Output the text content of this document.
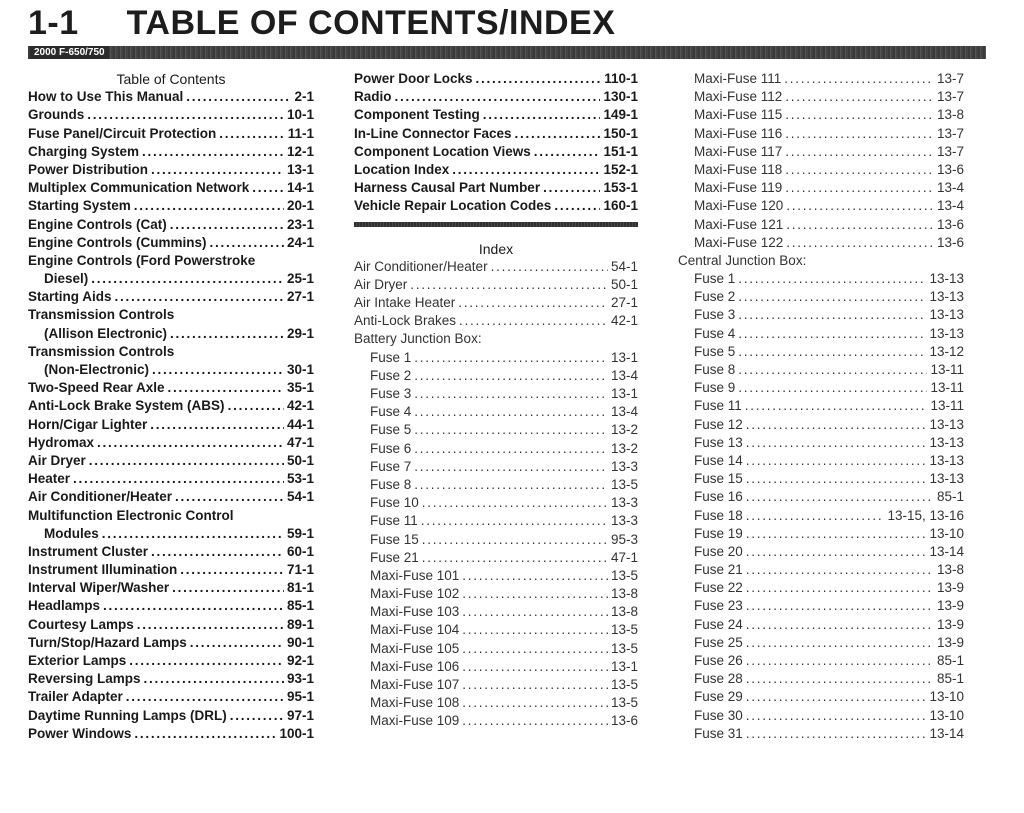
1-1 TABLE OF CONTENTS/INDEX
2000 F-650/750
Table of Contents
How to Use This Manual . . .	2-1
Grounds . . .	10-1
Fuse Panel/Circuit Protection . . .	11-1
Charging System . . .	12-1
Power Distribution . . .	13-1
Multiplex Communication Network . . .	14-1
Starting System . . .	20-1
Engine Controls (Cat) . . .	23-1
Engine Controls (Cummins) . . .	24-1
Engine Controls (Ford Powerstroke
Diesel) . . .	25-1
Starting Aids . . .	27-1
Transmission Controls
(Allison Electronic) . . .	29-1
Transmission Controls
(Non-Electronic) . . .	30-1
Two-Speed Rear Axle . . .	35-1
Anti-Lock Brake System (ABS) . . .	42-1
Horn/Cigar Lighter . . .	44-1
Hydromax . . .	47-1
Air Dryer . . .	50-1
Heater . . .	53-1
Air Conditioner/Heater . . .	54-1
Multifunction Electronic Control
Modules . . .	59-1
Instrument Cluster . . .	60-1
Instrument Illumination . . .	71-1
Interval Wiper/Washer . . .	81-1
Headlamps . . .	85-1
Courtesy Lamps . . .	89-1
Turn/Stop/Hazard Lamps . . .	90-1
Exterior Lamps . . .	92-1
Reversing Lamps . . .	93-1
Trailer Adapter . . .	95-1
Daytime Running Lamps (DRL) . . .	97-1
Power Windows . . .	100-1
Power Door Locks . . .	110-1
Radio . . .	130-1
Component Testing . . .	149-1
In-Line Connector Faces . . .	150-1
Component Location Views . . .	151-1
Location Index . . .	152-1
Harness Causal Part Number . . .	153-1
Vehicle Repair Location Codes . . .	160-1
Index
Air Conditioner/Heater . . .	54-1
Air Dryer . . .	50-1
Air Intake Heater . . .	27-1
Anti-Lock Brakes . . .	42-1
Battery Junction Box:
Fuse 1 . . .	13-1
Fuse 2 . . .	13-4
Fuse 3 . . .	13-1
Fuse 4 . . .	13-4
Fuse 5 . . .	13-2
Fuse 6 . . .	13-2
Fuse 7 . . .	13-3
Fuse 8 . . .	13-5
Fuse 10 . . .	13-3
Fuse 11 . . .	13-3
Fuse 15 . . .	95-3
Fuse 21 . . .	47-1
Maxi-Fuse 101 . . .	13-5
Maxi-Fuse 102 . . .	13-8
Maxi-Fuse 103 . . .	13-8
Maxi-Fuse 104 . . .	13-5
Maxi-Fuse 105 . . .	13-5
Maxi-Fuse 106 . . .	13-1
Maxi-Fuse 107 . . .	13-5
Maxi-Fuse 108 . . .	13-5
Maxi-Fuse 109 . . .	13-6
Maxi-Fuse 111 . . .	13-7
Maxi-Fuse 112 . . .	13-7
Maxi-Fuse 115 . . .	13-8
Maxi-Fuse 116 . . .	13-7
Maxi-Fuse 117 . . .	13-7
Maxi-Fuse 118 . . .	13-6
Maxi-Fuse 119 . . .	13-4
Maxi-Fuse 120 . . .	13-4
Maxi-Fuse 121 . . .	13-6
Maxi-Fuse 122 . . .	13-6
Central Junction Box:
Fuse 1 . . .	13-13
Fuse 2 . . .	13-13
Fuse 3 . . .	13-13
Fuse 4 . . .	13-13
Fuse 5 . . .	13-12
Fuse 8 . . .	13-11
Fuse 9 . . .	13-11
Fuse 11 . . .	13-11
Fuse 12 . . .	13-13
Fuse 13 . . .	13-13
Fuse 14 . . .	13-13
Fuse 15 . . .	13-13
Fuse 16 . . .	85-1
Fuse 18 . . .	13-15, 13-16
Fuse 19 . . .	13-10
Fuse 20 . . .	13-14
Fuse 21 . . .	13-8
Fuse 22 . . .	13-9
Fuse 23 . . .	13-9
Fuse 24 . . .	13-9
Fuse 25 . . .	13-9
Fuse 26 . . .	85-1
Fuse 28 . . .	85-1
Fuse 29 . . .	13-10
Fuse 30 . . .	13-10
Fuse 31 . . .	13-14
